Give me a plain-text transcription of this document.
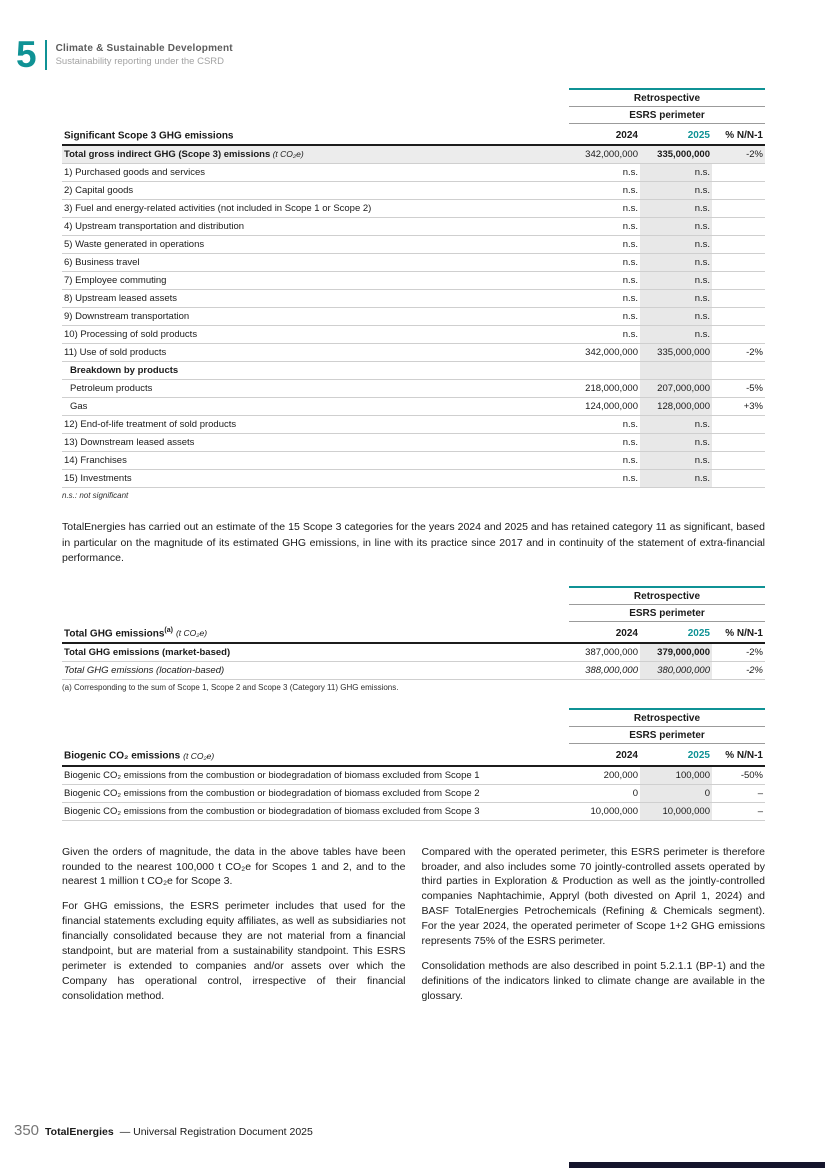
5 Climate & Sustainable Development
Sustainability reporting under the CSRD
Retrospective
ESRS perimeter
Significant Scope 3 GHG emissions	2024	2025	% N/N-1
Total gross indirect GHG (Scope 3) emissions (t CO₂e)	342,000,000	335,000,000	-2%
1) Purchased goods and services	n.s.	n.s.	
2) Capital goods	n.s.	n.s.	
3) Fuel and energy-related activities (not included in Scope 1 or Scope 2)	n.s.	n.s.	
4) Upstream transportation and distribution	n.s.	n.s.	
5) Waste generated in operations	n.s.	n.s.	
6) Business travel	n.s.	n.s.	
7) Employee commuting	n.s.	n.s.	
8) Upstream leased assets	n.s.	n.s.	
9) Downstream transportation	n.s.	n.s.	
10) Processing of sold products	n.s.	n.s.	
11) Use of sold products	342,000,000	335,000,000	-2%
Breakdown by products			
Petroleum products	218,000,000	207,000,000	-5%
Gas	124,000,000	128,000,000	+3%
12) End-of-life treatment of sold products	n.s.	n.s.	
13) Downstream leased assets	n.s.	n.s.	
14) Franchises	n.s.	n.s.	
15) Investments	n.s.	n.s.	
n.s.: not significant

TotalEnergies has carried out an estimate of the 15 Scope 3 categories for the years 2024 and 2025 and has retained category 11 as significant, based in particular on the magnitude of its estimated GHG emissions, in line with its practice since 2017 and in continuity of the statement of extra-financial performance.

Retrospective
ESRS perimeter
Total GHG emissions$^{(a)}$ (t CO₂e)	2024	2025	% N/N-1
Total GHG emissions (market-based)	387,000,000	379,000,000	-2%
Total GHG emissions (location-based)	388,000,000	380,000,000	-2%
(a) Corresponding to the sum of Scope 1, Scope 2 and Scope 3 (Category 11) GHG emissions.
Retrospective
ESRS perimeter
Biogenic CO₂ emissions (t CO₂e)	2024	2025	% N/N-1
Biogenic CO₂ emissions from the combustion or biodegradation of biomass excluded from Scope 1	200,000	100,000	-50%
Biogenic CO₂ emissions from the combustion or biodegradation of biomass excluded from Scope 2	0	0	–
Biogenic CO₂ emissions from the combustion or biodegradation of biomass excluded from Scope 3	10,000,000	10,000,000	–

Given the orders of magnitude, the data in the above tables have been rounded to the nearest 100,000 t CO₂e for Scopes 1 and 2, and to the nearest 1 million t CO₂e for Scope 3.

For GHG emissions, the ESRS perimeter includes that used for the financial statements excluding equity affiliates, as well as subsidiaries not financially consolidated because they are not material from a financial standpoint, but are material from a sustainability standpoint. This ESRS perimeter is extended to companies and/or assets over which the Company has operational control, irrespective of their financial consolidation method.

Compared with the operated perimeter, this ESRS perimeter is therefore broader, and also includes some 70 jointly-controlled assets operated by third parties in Exploration & Production as well as the jointly-controlled companies Naphtachimie, Appryl (both divested on April 1, 2024) and BASF TotalEnergies Petrochemicals (Refining & Chemicals segment). For the year 2024, the operated perimeter of Scope 1+2 GHG emissions represents 75% of the ESRS perimeter.

Consolidation methods are also described in point 5.2.1.1 (BP-1) and the definitions of the indicators linked to climate change are available in the glossary.

350 TotalEnergies — Universal Registration Document 2025
